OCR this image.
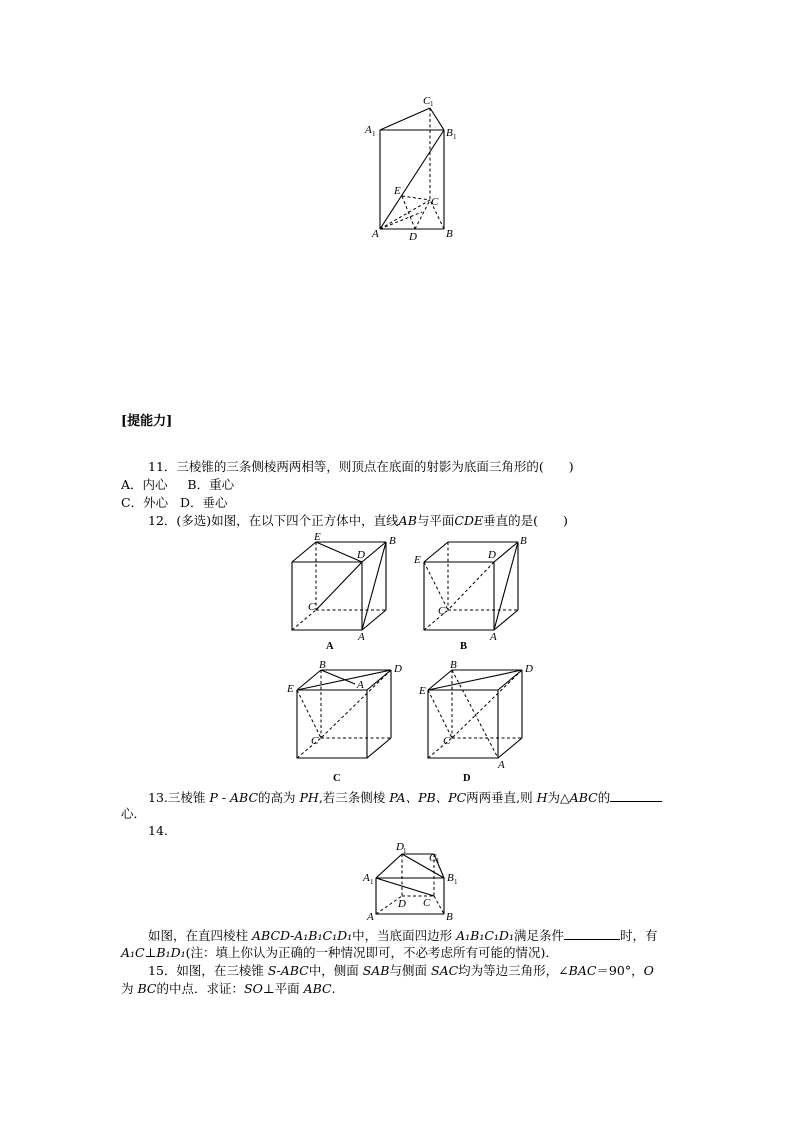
C 1
A 1	B 1
E
C
A	D	B
[提能力]
11．三棱锥的三条侧棱两两相等，则顶点在底面的射影为底面三角形的(　　)
A．内心 B．重心
C．外心 D．垂心
12．(多选)如图，在以下四个正方体中，直线AB与平面CDE垂直的是(　　)
E
D
B
C
A
A
E	D
B
C
A
B
B	D
E	A
C
C
B	D
E
C
A
D
13.三棱锥 P - ABC的高为 PH,若三条侧棱 PA、PB、PC两两垂直,则 H为△ABC的
心．
14.
D 1
C 1
A 1	B 1
D C
A	B
如图，在直四棱柱 ABCD-A₁B₁C₁D₁中，当底面四边形 A₁B₁C₁D₁满足条件	时，有
A₁C⊥B₁D₁(注：填上你认为正确的一种情况即可，不必考虑所有可能的情况)．
15．如图，在三棱锥 S-ABC中，侧面 SAB与侧面 SAC均为等边三角形，∠BAC＝90°，O
为 BC的中点．求证：SO⊥平面 ABC.
